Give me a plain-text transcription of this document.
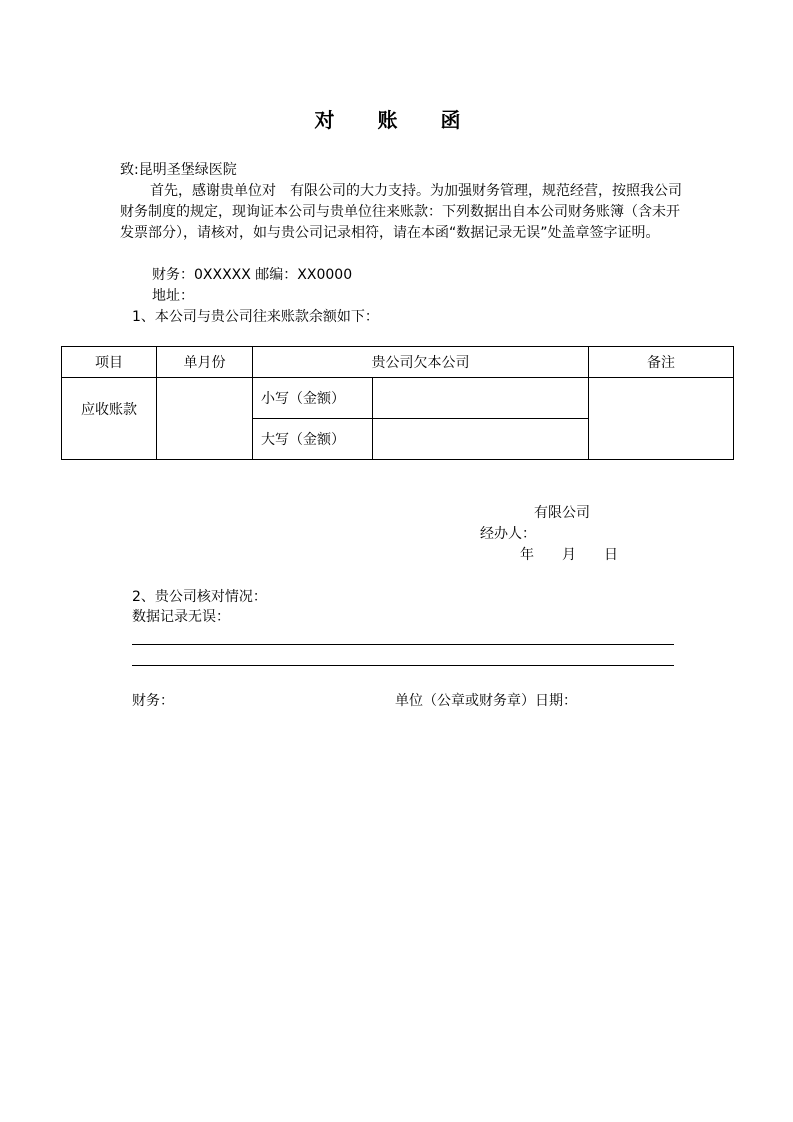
对 账 函
致:昆明圣堡绿医院
首先，感谢贵单位对　有限公司的大力支持。为加强财务管理，规范经营，按照我公司财务制度的规定，现询证本公司与贵单位往来账款：下列数据出自本公司财务账簿（含未开发票部分），请核对，如与贵公司记录相符，请在本函“数据记录无误”处盖章签字证明。
财务：0XXXXX 邮编：XX0000
地址：
1、本公司与贵公司往来账款余额如下：
项目	单月份	贵公司欠本公司		备注
应收账款		小写（金额）		
		大写（金额）		
有限公司
经办人：
年　　月　　日
2、贵公司核对情况：
数据记录无误：
财务：	单位（公章或财务章）日期：
